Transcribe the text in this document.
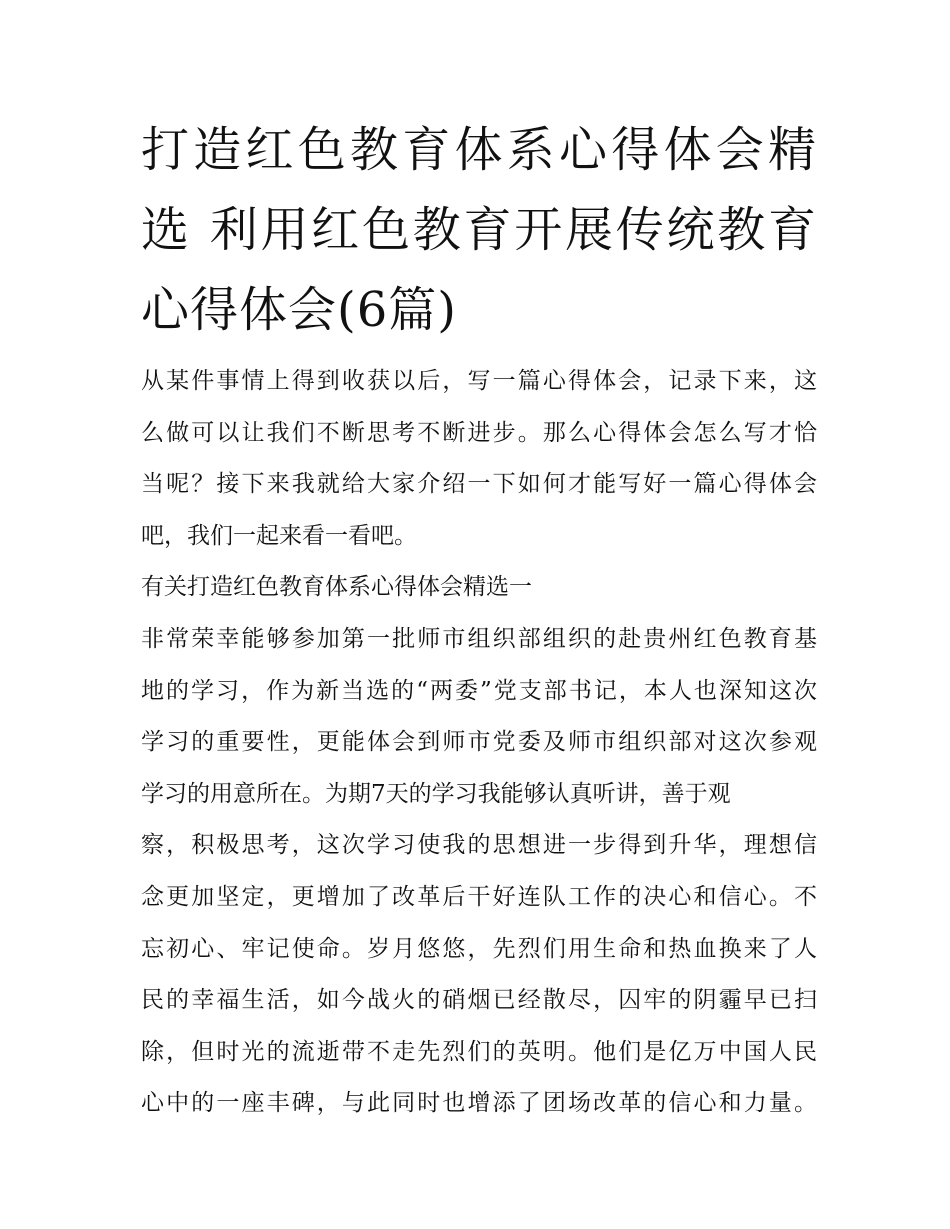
打造红色教育体系心得体会精
选 利用红色教育开展传统教育
心得体会(6篇)
从某件事情上得到收获以后，写一篇心得体会，记录下来，这
么做可以让我们不断思考不断进步。那么心得体会怎么写才恰
当呢？接下来我就给大家介绍一下如何才能写好一篇心得体会
吧，我们一起来看一看吧。
有关打造红色教育体系心得体会精选一
非常荣幸能够参加第一批师市组织部组织的赴贵州红色教育基
地的学习，作为新当选的“两委”党支部书记，本人也深知这次
学习的重要性，更能体会到师市党委及师市组织部对这次参观
学习的用意所在。为期7天的学习我能够认真听讲，善于观
察，积极思考，这次学习使我的思想进一步得到升华，理想信
念更加坚定，更增加了改革后干好连队工作的决心和信心。不
忘初心、牢记使命。岁月悠悠，先烈们用生命和热血换来了人
民的幸福生活，如今战火的硝烟已经散尽，囚牢的阴霾早已扫
除，但时光的流逝带不走先烈们的英明。他们是亿万中国人民
心中的一座丰碑，与此同时也增添了团场改革的信心和力量。
